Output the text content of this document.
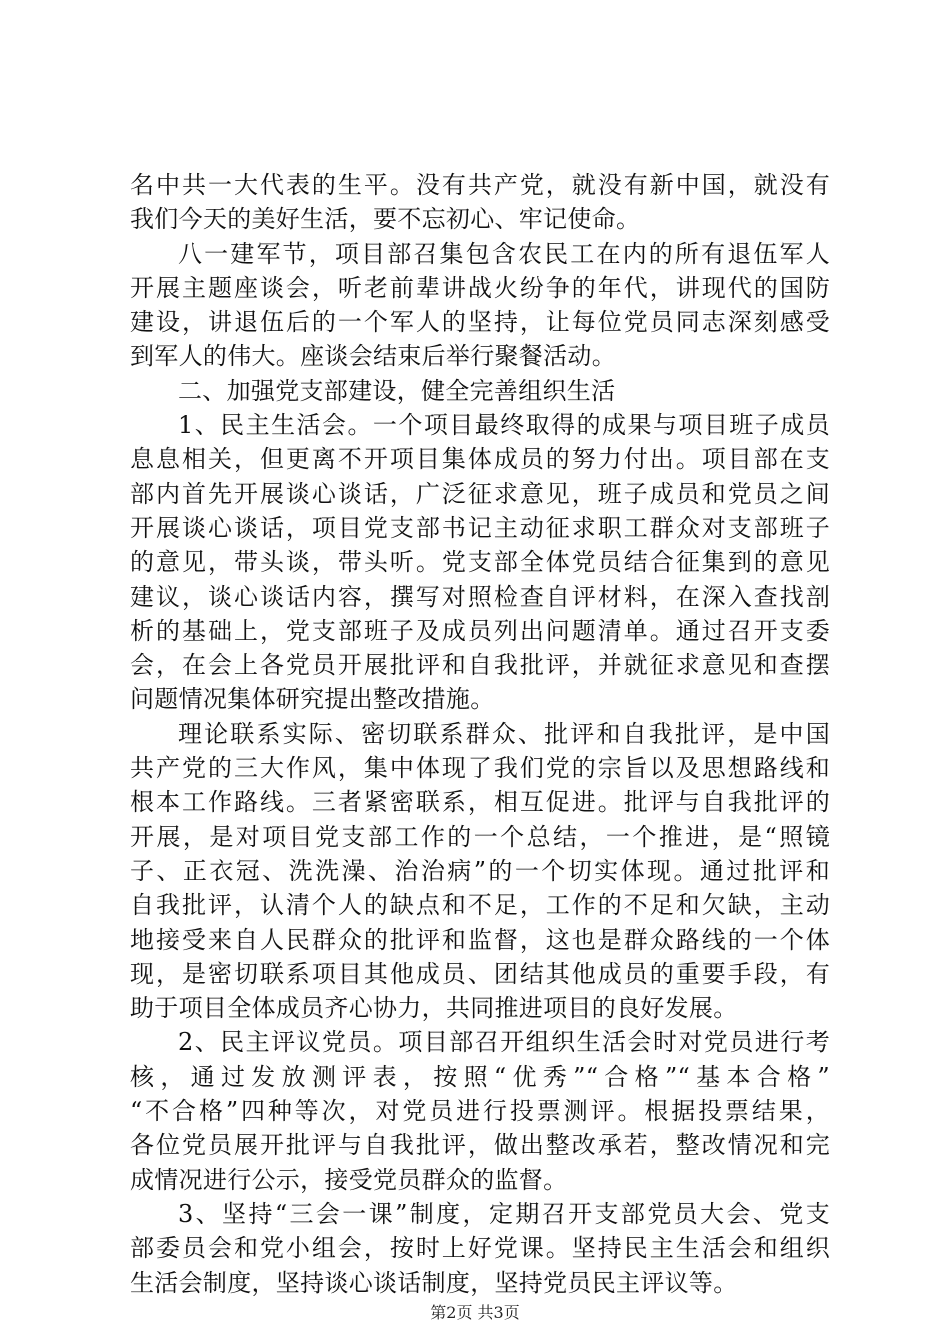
名中共一大代表的生平。没有共产党，就没有新中国，就没有
我们今天的美好生活，要不忘初心、牢记使命。
八一建军节，项目部召集包含农民工在内的所有退伍军人
开展主题座谈会，听老前辈讲战火纷争的年代，讲现代的国防
建设，讲退伍后的一个军人的坚持，让每位党员同志深刻感受
到军人的伟大。座谈会结束后举行聚餐活动。
二、加强党支部建设，健全完善组织生活
1、民主生活会。一个项目最终取得的成果与项目班子成员
息息相关，但更离不开项目集体成员的努力付出。项目部在支
部内首先开展谈心谈话，广泛征求意见，班子成员和党员之间
开展谈心谈话，项目党支部书记主动征求职工群众对支部班子
的意见，带头谈，带头听。党支部全体党员结合征集到的意见
建议，谈心谈话内容，撰写对照检查自评材料，在深入查找剖
析的基础上，党支部班子及成员列出问题清单。通过召开支委
会，在会上各党员开展批评和自我批评，并就征求意见和查摆
问题情况集体研究提出整改措施。
理论联系实际、密切联系群众、批评和自我批评，是中国
共产党的三大作风，集中体现了我们党的宗旨以及思想路线和
根本工作路线。三者紧密联系，相互促进。批评与自我批评的
开展，是对项目党支部工作的一个总结，一个推进，是“照镜
子、正衣冠、洗洗澡、治治病”的一个切实体现。通过批评和
自我批评，认清个人的缺点和不足，工作的不足和欠缺，主动
地接受来自人民群众的批评和监督，这也是群众路线的一个体
现，是密切联系项目其他成员、团结其他成员的重要手段，有
助于项目全体成员齐心协力，共同推进项目的良好发展。
2、民主评议党员。项目部召开组织生活会时对党员进行考
核，通过发放测评表，按照“优秀”“合格”“基本合格”
“不合格”四种等次，对党员进行投票测评。根据投票结果，
各位党员展开批评与自我批评，做出整改承若，整改情况和完
成情况进行公示，接受党员群众的监督。
3、坚持“三会一课”制度，定期召开支部党员大会、党支
部委员会和党小组会，按时上好党课。坚持民主生活会和组织
生活会制度，坚持谈心谈话制度，坚持党员民主评议等。
第2页 共3页
